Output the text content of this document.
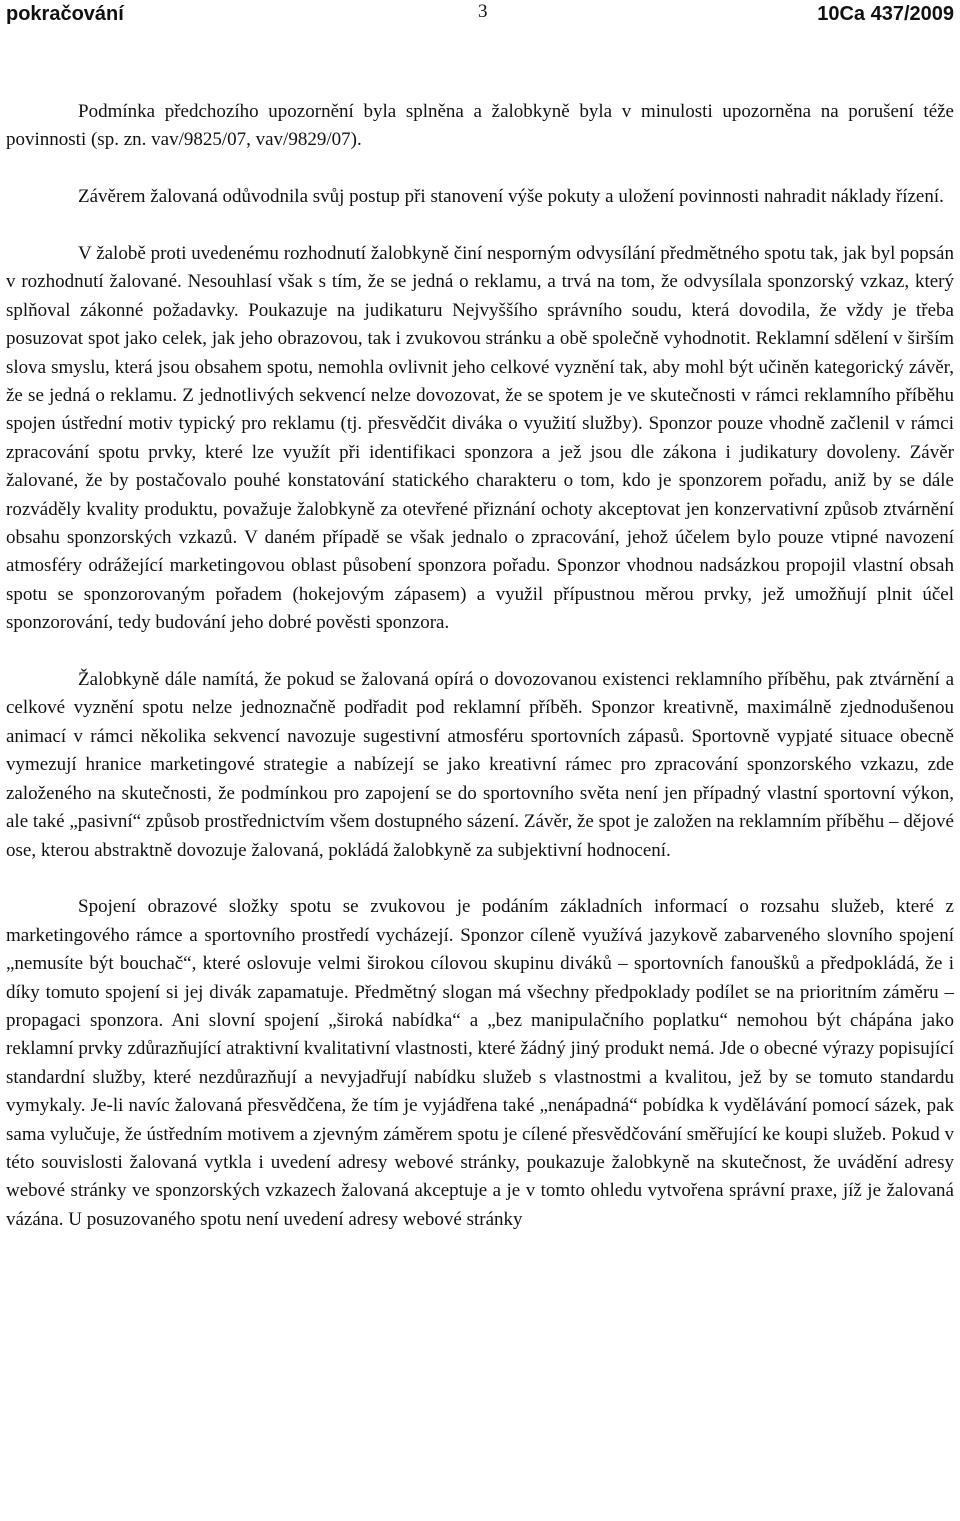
pokračování	3	10Ca 437/2009

Podmínka předchozího upozornění byla splněna a žalobkyně byla v minulosti upozorněna na porušení téže povinnosti (sp. zn. vav/9825/07, vav/9829/07).

Závěrem žalovaná odůvodnila svůj postup při stanovení výše pokuty a uložení povinnosti nahradit náklady řízení.

V žalobě proti uvedenému rozhodnutí žalobkyně činí nesporným odvysílání předmětného spotu tak, jak byl popsán v rozhodnutí žalované. Nesouhlasí však s tím, že se jedná o reklamu, a trvá na tom, že odvysílala sponzorský vzkaz, který splňoval zákonné požadavky. Poukazuje na judikaturu Nejvyššího správního soudu, která dovodila, že vždy je třeba posuzovat spot jako celek, jak jeho obrazovou, tak i zvukovou stránku a obě společně vyhodnotit. Reklamní sdělení v širším slova smyslu, která jsou obsahem spotu, nemohla ovlivnit jeho celkové vyznění tak, aby mohl být učiněn kategorický závěr, že se jedná o reklamu. Z jednotlivých sekvencí nelze dovozovat, že se spotem je ve skutečnosti v rámci reklamního příběhu spojen ústřední motiv typický pro reklamu (tj. přesvědčit diváka o využití služby). Sponzor pouze vhodně začlenil v rámci zpracování spotu prvky, které lze využít při identifikaci sponzora a jež jsou dle zákona i judikatury dovoleny. Závěr žalované, že by postačovalo pouhé konstatování statického charakteru o tom, kdo je sponzorem pořadu, aniž by se dále rozváděly kvality produktu, považuje žalobkyně za otevřené přiznání ochoty akceptovat jen konzervativní způsob ztvárnění obsahu sponzorských vzkazů. V daném případě se však jednalo o zpracování, jehož účelem bylo pouze vtipné navození atmosféry odrážející marketingovou oblast působení sponzora pořadu. Sponzor vhodnou nadsázkou propojil vlastní obsah spotu se sponzorovaným pořadem (hokejovým zápasem) a využil přípustnou měrou prvky, jež umožňují plnit účel sponzorování, tedy budování jeho dobré pověsti sponzora.

Žalobkyně dále namítá, že pokud se žalovaná opírá o dovozovanou existenci reklamního příběhu, pak ztvárnění a celkové vyznění spotu nelze jednoznačně podřadit pod reklamní příběh. Sponzor kreativně, maximálně zjednodušenou animací v rámci několika sekvencí navozuje sugestivní atmosféru sportovních zápasů. Sportovně vypjaté situace obecně vymezují hranice marketingové strategie a nabízejí se jako kreativní rámec pro zpracování sponzorského vzkazu, zde založeného na skutečnosti, že podmínkou pro zapojení se do sportovního světa není jen případný vlastní sportovní výkon, ale také „pasivní“ způsob prostřednictvím všem dostupného sázení. Závěr, že spot je založen na reklamním příběhu – dějové ose, kterou abstraktně dovozuje žalovaná, pokládá žalobkyně za subjektivní hodnocení.

Spojení obrazové složky spotu se zvukovou je podáním základních informací o rozsahu služeb, které z marketingového rámce a sportovního prostředí vycházejí. Sponzor cíleně využívá jazykově zabarveného slovního spojení „nemusíte být bouchač“, které oslovuje velmi širokou cílovou skupinu diváků – sportovních fanoušků a předpokládá, že i díky tomuto spojení si jej divák zapamatuje. Předmětný slogan má všechny předpoklady podílet se na prioritním záměru – propagaci sponzora. Ani slovní spojení „široká nabídka“ a „bez manipulačního poplatku“ nemohou být chápána jako reklamní prvky zdůrazňující atraktivní kvalitativní vlastnosti, které žádný jiný produkt nemá. Jde o obecné výrazy popisující standardní služby, které nezdůrazňují a nevyjadřují nabídku služeb s vlastnostmi a kvalitou, jež by se tomuto standardu vymykaly. Je-li navíc žalovaná přesvědčena, že tím je vyjádřena také „nenápadná“ pobídka k vydělávání pomocí sázek, pak sama vylučuje, že ústředním motivem a zjevným záměrem spotu je cílené přesvědčování směřující ke koupi služeb. Pokud v této souvislosti žalovaná vytkla i uvedení adresy webové stránky, poukazuje žalobkyně na skutečnost, že uvádění adresy webové stránky ve sponzorských vzkazech žalovaná akceptuje a je v tomto ohledu vytvořena správní praxe, jíž je žalovaná vázána. U posuzovaného spotu není uvedení adresy webové stránky
